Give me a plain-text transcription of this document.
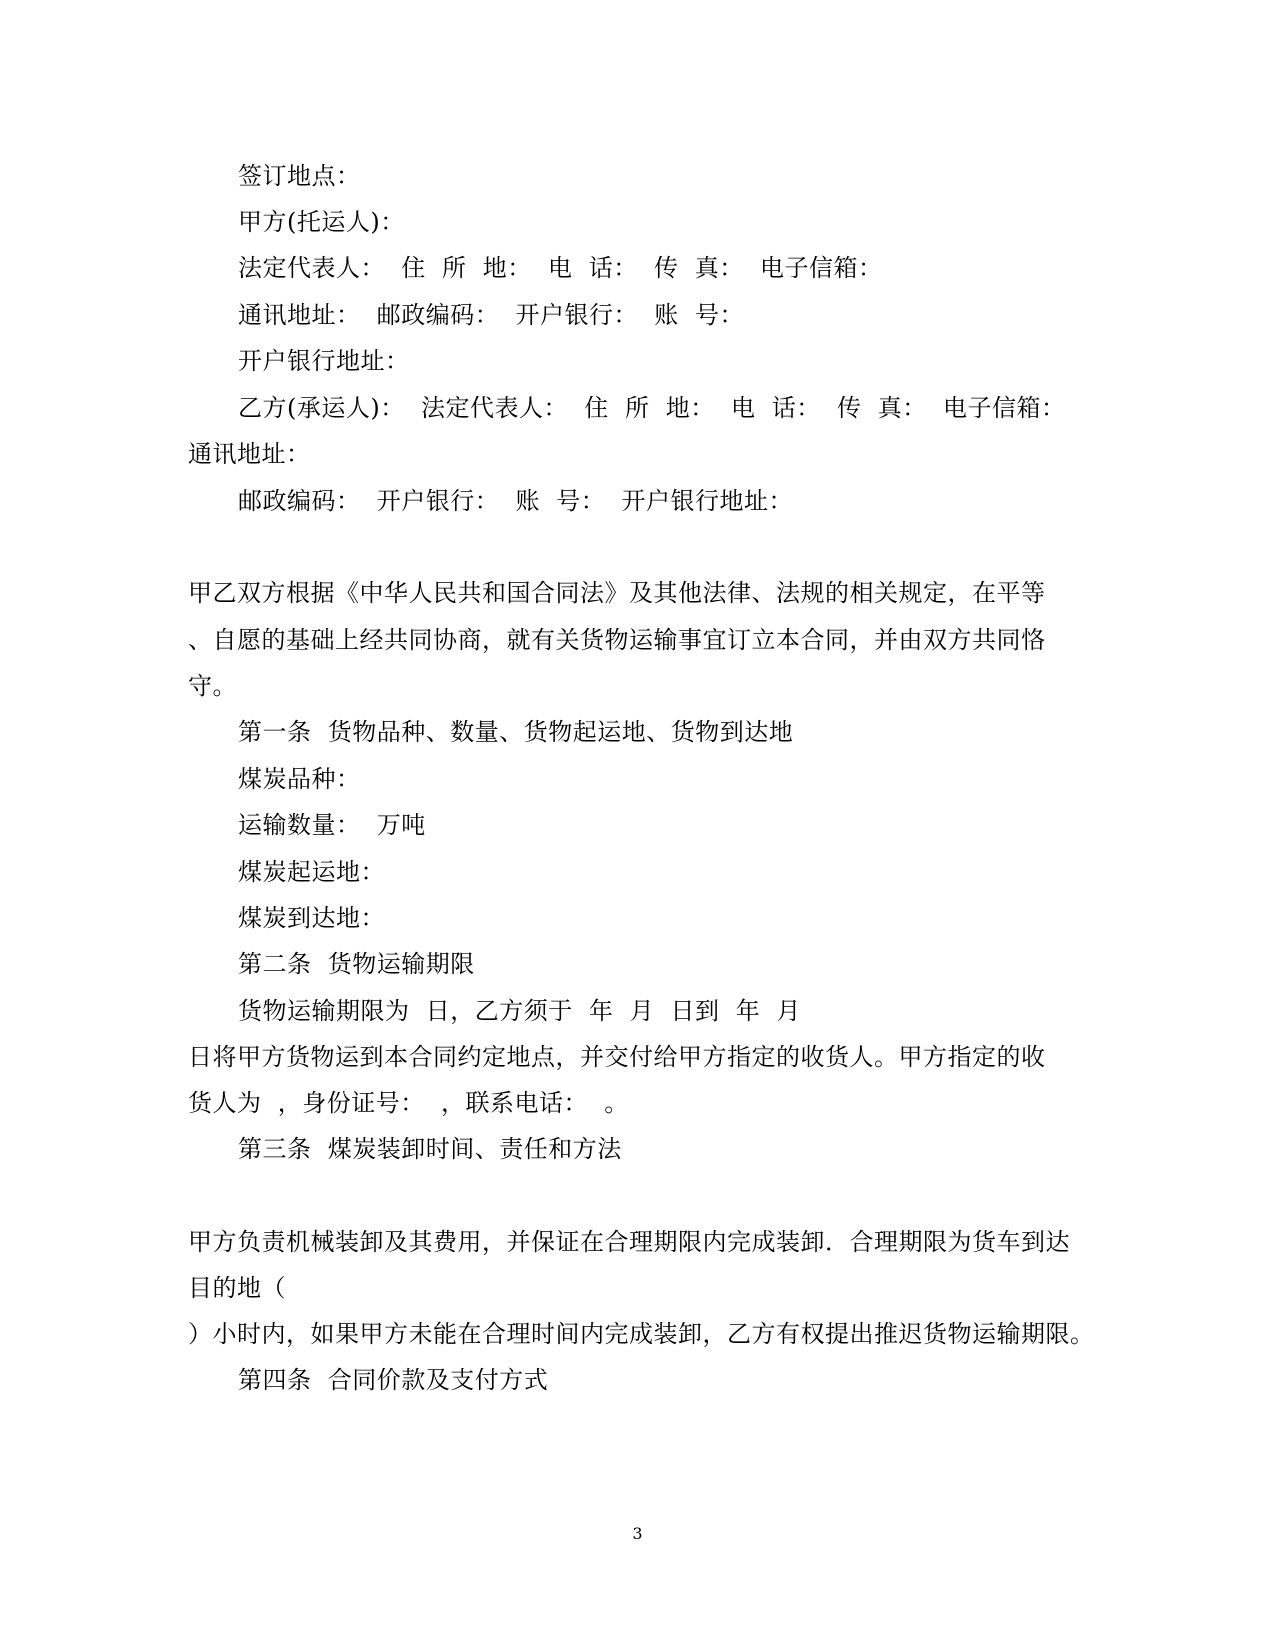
签订地点：
甲方(托运人)：
法定代表人：  住  所  地：  电  话：  传  真：  电子信箱：
通讯地址：  邮政编码：  开户银行：  账  号：
开户银行地址：
乙方(承运人)：  法定代表人：  住  所  地：  电  话：  传  真：  电子信箱：
通讯地址：
邮政编码：  开户银行：  账  号：  开户银行地址：
甲乙双方根据《中华人民共和国合同法》及其他法律、法规的相关规定，在平等
、自愿的基础上经共同协商，就有关货物运输事宜订立本合同，并由双方共同恪
守。
第一条  货物品种、数量、货物起运地、货物到达地
煤炭品种：
运输数量：  万吨
煤炭起运地：
煤炭到达地：
第二条  货物运输期限
货物运输期限为  日，乙方须于  年  月  日到  年  月
日将甲方货物运到本合同约定地点，并交付给甲方指定的收货人。甲方指定的收
货人为  ，身份证号：  ，联系电话：  。
第三条  煤炭装卸时间、责任和方法
甲方负责机械装卸及其费用，并保证在合理期限内完成装卸．合理期限为货车到达
目的地（
）小时内，如果甲方未能在合理时间内完成装卸，乙方有权提出推迟货物运输期限。
第四条  合同价款及支付方式
3
